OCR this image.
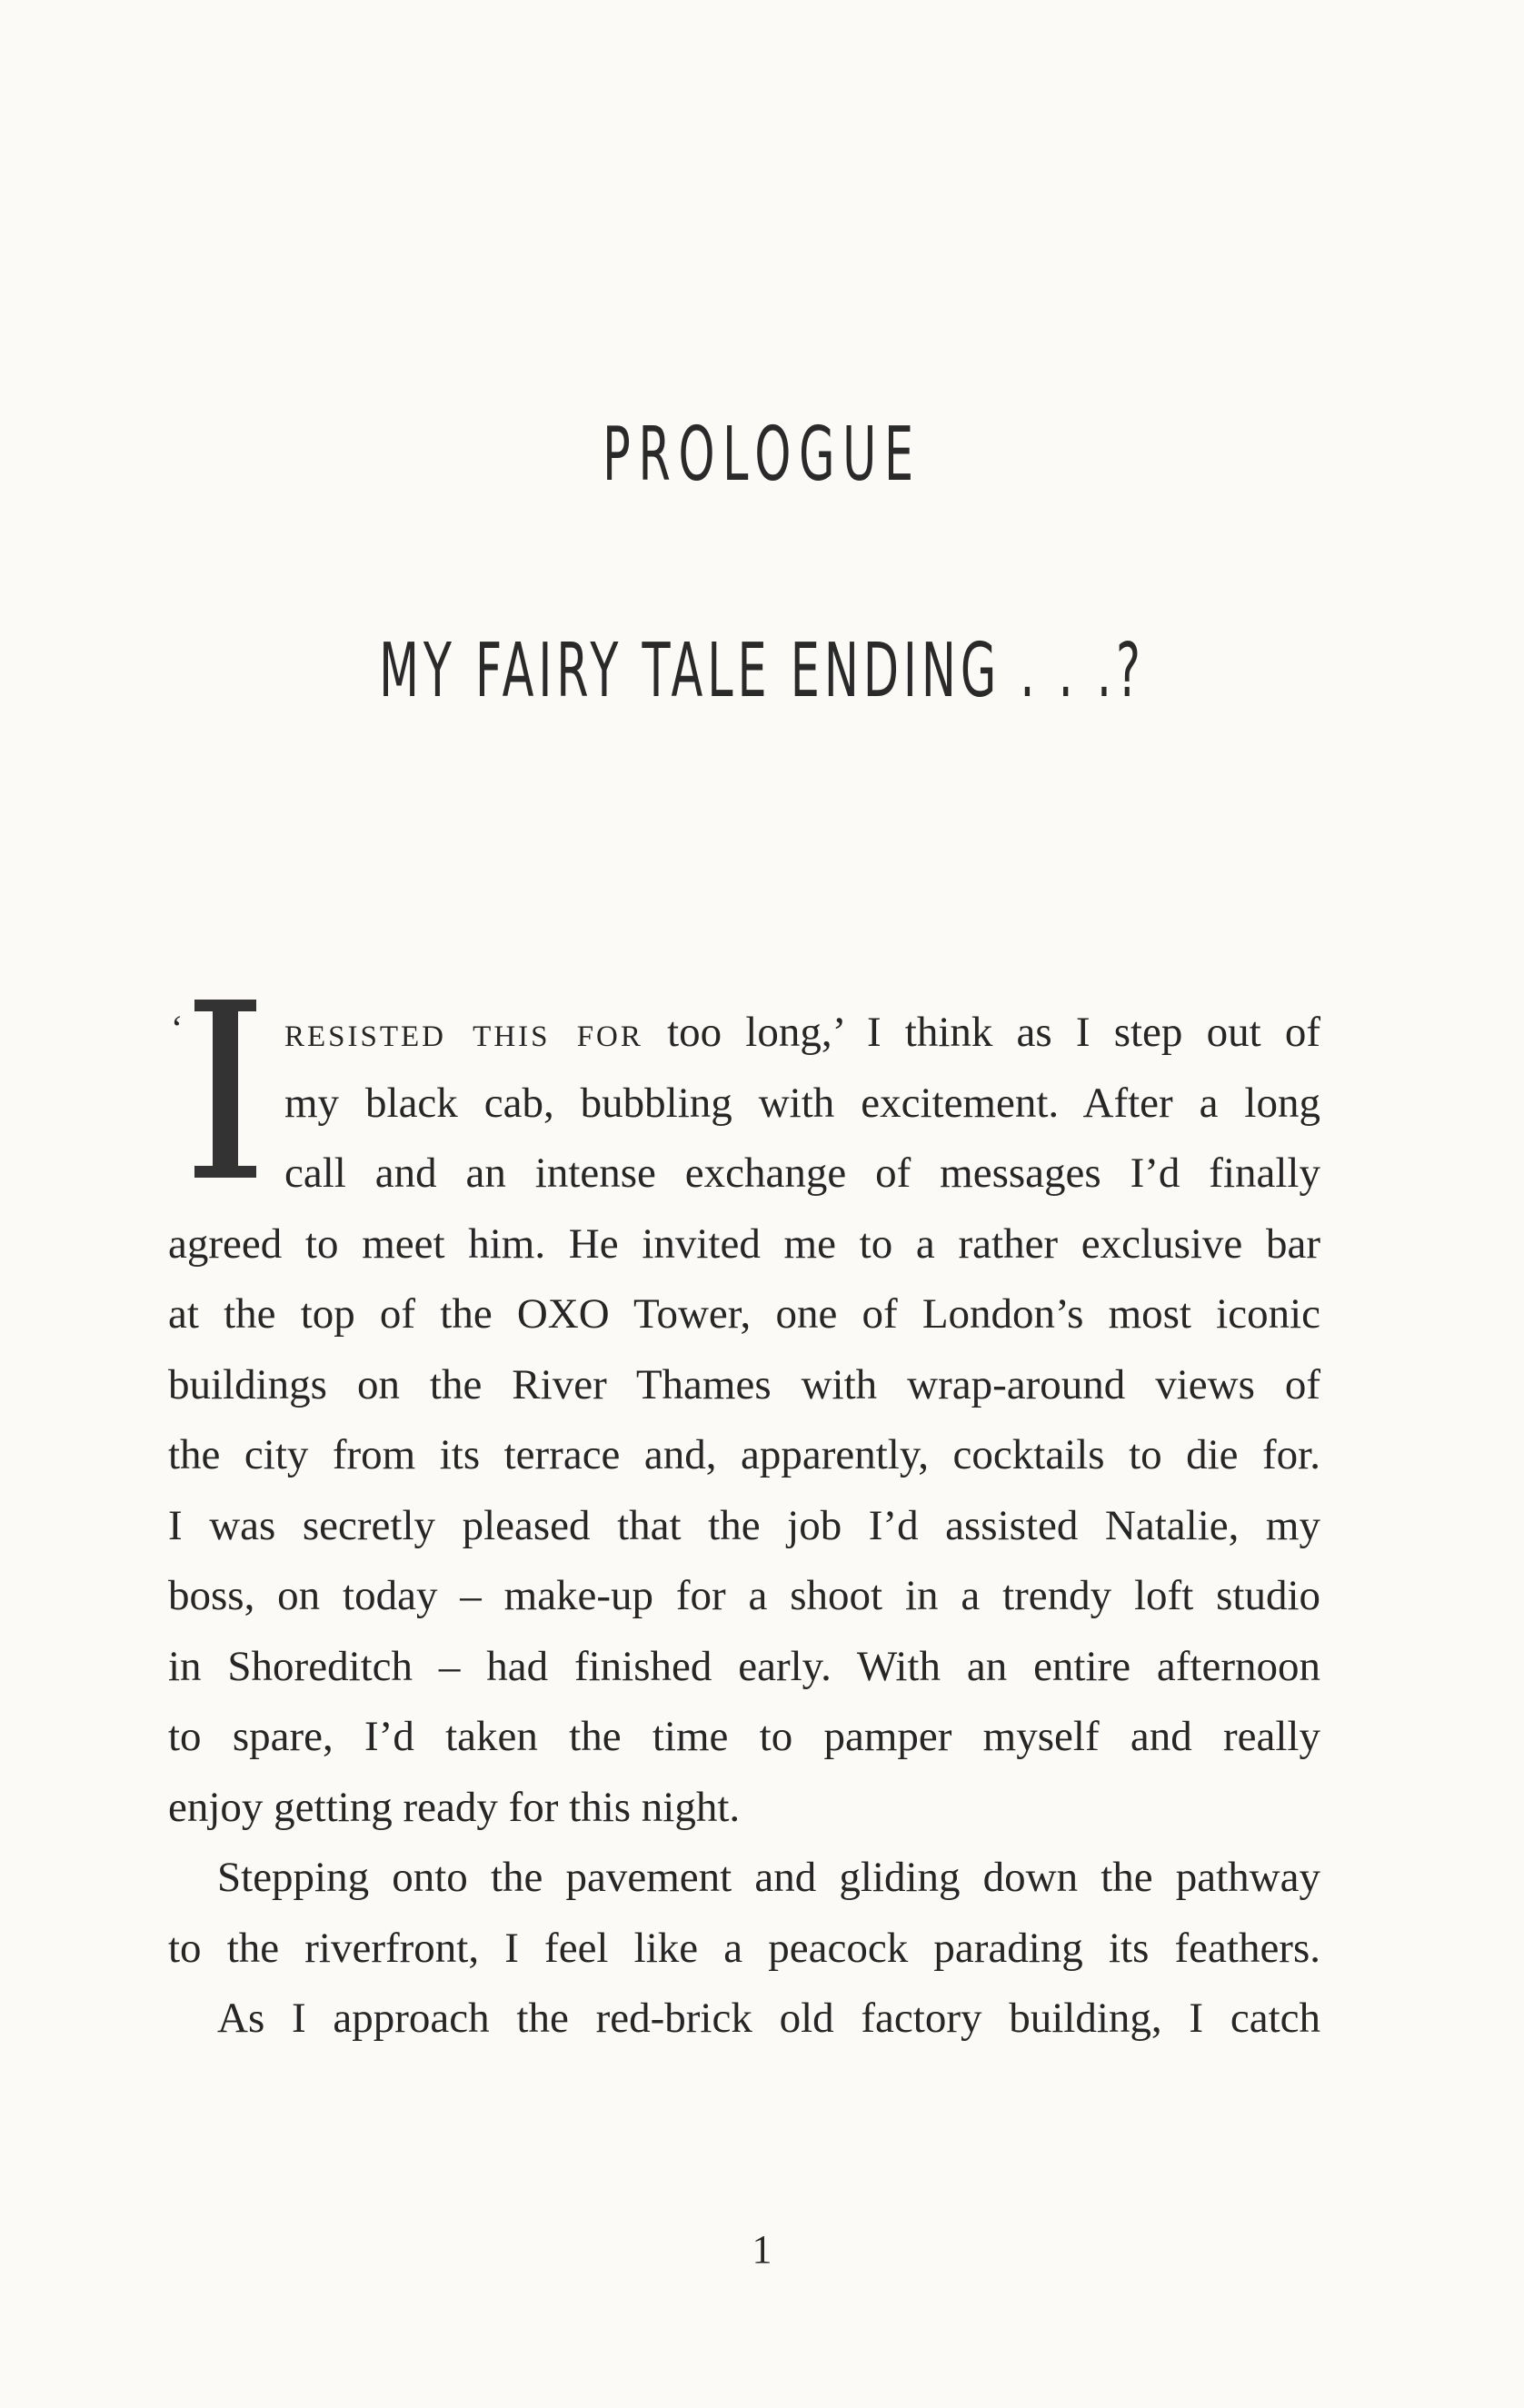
PROLOGUE
MY FAIRY TALE ENDING . . .?
‘	resisted this for too long,’ I think as I step out of
my black cab, bubbling with excitement. After a long
call and an intense exchange of messages I’d finally
agreed to meet him. He invited me to a rather exclusive bar
at the top of the OXO Tower, one of London’s most iconic
buildings on the River Thames with wrap-around views of
the city from its terrace and, apparently, cocktails to die for.
I was secretly pleased that the job I’d assisted Natalie, my
boss, on today – make-up for a shoot in a trendy loft studio
in Shoreditch – had finished early. With an entire afternoon
to spare, I’d taken the time to pamper myself and really
enjoy getting ready for this night.
Stepping onto the pavement and gliding down the pathway
to the riverfront, I feel like a peacock parading its feathers.
As I approach the red-brick old factory building, I catch
1
